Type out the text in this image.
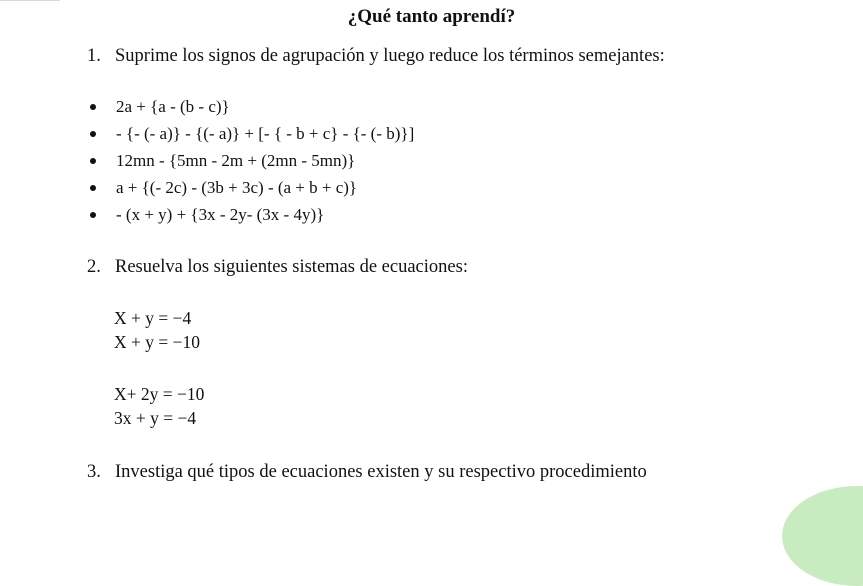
¿Qué tanto aprendí?
1. Suprime los signos de agrupación y luego reduce los términos semejantes:
2a + {a - (b - c)}
- {- (- a)} - {(- a)} + [- { - b + c} - {- (- b)}]
12mn - {5mn - 2m + (2mn - 5mn)}
a + {(- 2c) - (3b + 3c) - (a + b + c)}
- (x + y) + {3x - 2y- (3x - 4y)}
2. Resuelva los siguientes sistemas de ecuaciones:
X + y = −4
X + y = −10
X+ 2y = −10
3x + y = −4
3. Investiga qué tipos de ecuaciones existen y su respectivo procedimiento
